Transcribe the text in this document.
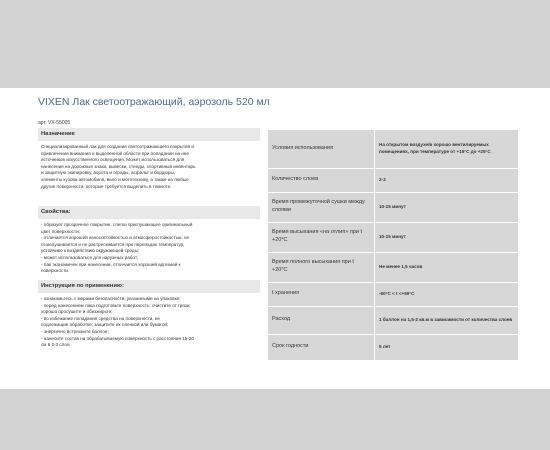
VIXEN Лак светоотражающий, аэрозоль 520 мл
арт. VX-55005
Назначение
Специализированный лак для создания светоотражающего покрытия и
привлечения внимания и выделенной области при попадании на нее
источников искусственного освещения. Может использоваться для
нанесения на дорожные знаки, вывески, стенды, спортивный инвентарь
и защитную экипировку, ворота и ограды, асфальт и бордюры,
элементы кузова автомобиля, вело и мототехнику, а также на любые
другие поверхности, которые требуется выделить в темноте.
Свойства:
- образует прозрачное покрытие, слегка приглушающее оригинальный
цвет поверхности;
- отличается хорошей износостойкостью и атмосферостойкостью, не
отшелушивается и не растрескивается при перепадах температур,
устойчиво к воздействию окружающей среды;
- может использоваться для наружных работ;
- лак экономичен при нанесении, отличается хорошей адгезией к
поверхности.
Инструкция по применению:
- ознакомьтесь с мерами безопасности, указанными на упаковке;
- перед нанесением лака подготовьте поверхность: очистите от грязи,
хорошо просушите и обезжирьте;
- во избежание попадания средства на поверхности, не
подлежащие обработке, защитите их пленкой или бумагой;
- энергично встряхните баллон;
- нанесите состав на обрабатываемую поверхность с расстояния 15-20
см в 2-3 слоя.
Условия использования	На открытом воздухе/в хорошо вентилируемых помещениях, при температуре от +15°С до +25°С
Количество слоев	2-3
Время промежуточной сушки между слоями	10-15 минут
Время высыхания «на отлип» при t +20°С	10-15 минут
Время полного высыхания при t +20°С	Не менее 1,5 часов
t хранения	-60°С < t <+50°С
Расход	1 баллон на 1,5-2 кв.м в зависимости от количества слоев
Срок годности	5 лет
